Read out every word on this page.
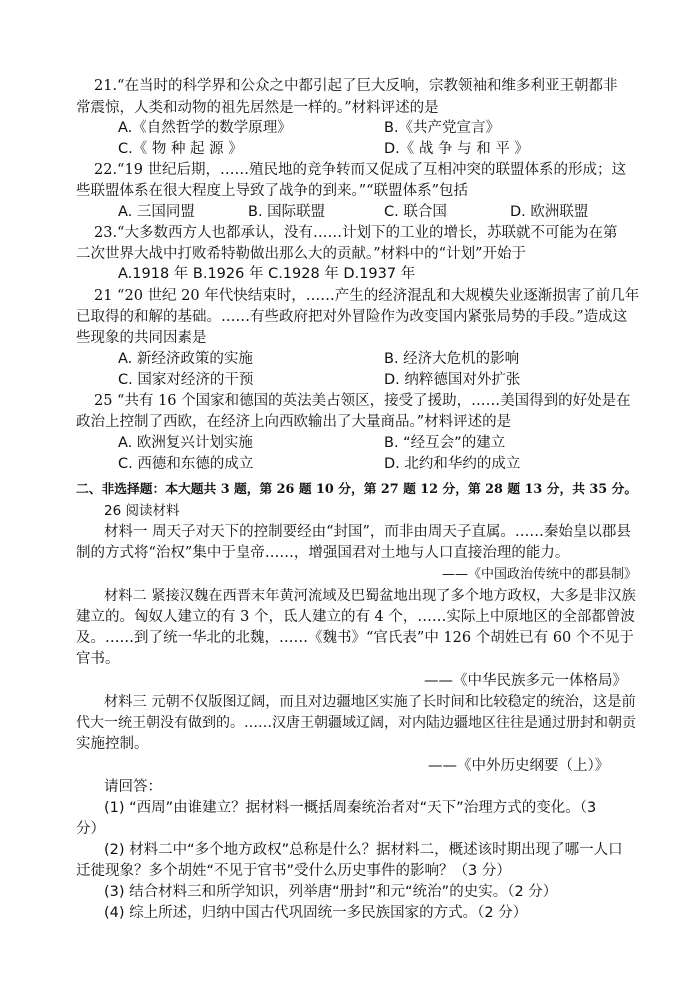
21.“在当时的科学界和公众之中都引起了巨大反响，宗教领袖和维多利亚王朝都非
常震惊，人类和动物的祖先居然是一样的。”材料评述的是
A.《自然哲学的数学原理》	B.《共产党宣言》
C.《 物 种 起 源 》	D.《 战 争 与 和 平 》
22.“19 世纪后期，……殖民地的竞争转而又促成了互相冲突的联盟体系的形成；这
些联盟体系在很大程度上导致了战争的到来。”“联盟体系”包括
A. 三国同盟	B. 国际联盟	C. 联合国	D. 欧洲联盟
23.“大多数西方人也都承认，没有……计划下的工业的增长，苏联就不可能为在第
二次世界大战中打败希特勒做出那么大的贡献。”材料中的“计划”开始于
A.1918 年 B.1926 年 C.1928 年 D.1937 年
21 “20 世纪 20 年代快结束时，……产生的经济混乱和大规模失业逐渐损害了前几年
已取得的和解的基础。……有些政府把对外冒险作为改变国内紧张局势的手段。”造成这
些现象的共同因素是
A. 新经济政策的实施	B. 经济大危机的影响
C. 国家对经济的干预	D. 纳粹德国对外扩张
25 “共有 16 个国家和德国的英法美占领区，接受了援助，……美国得到的好处是在
政治上控制了西欧，在经济上向西欧输出了大量商品。”材料评述的是
A. 欧洲复兴计划实施	B. “经互会”的建立
C. 西德和东德的成立	D. 北约和华约的成立
二、非选择题：本大题共 3 题，第 26 题 10 分，第 27 题 12 分，第 28 题 13 分，共 35 分。
26 阅读材料
材料一 周天子对天下的控制要经由“封国”，而非由周天子直属。……秦始皇以郡县
制的方式将“治权”集中于皇帝……，增强国君对土地与人口直接治理的能力。
——《中国政治传统中的郡县制》
材料二 紧接汉魏在西晋末年黄河流域及巴蜀盆地出现了多个地方政权，大多是非汉族
建立的。匈奴人建立的有 3 个，氐人建立的有 4 个，……实际上中原地区的全部都曾波
及。……到了统一华北的北魏，……《魏书》“官氏表”中 126 个胡姓已有 60 个不见于
官书。
——《中华民族多元一体格局》
材料三 元朝不仅版图辽阔，而且对边疆地区实施了长时间和比较稳定的统治，这是前
代大一统王朝没有做到的。……汉唐王朝疆域辽阔，对内陆边疆地区往往是通过册封和朝贡
实施控制。
——《中外历史纲要（上）》
请回答：
(1) “西周”由谁建立？据材料一概括周秦统治者对“天下”治理方式的变化。（3
分）
(2) 材料二中“多个地方政权”总称是什么？据材料二，概述该时期出现了哪一人口
迁徙现象？多个胡姓“不见于官书”受什么历史事件的影响？（3 分）
(3) 结合材料三和所学知识，列举唐“册封”和元“统治”的史实。（2 分）
(4) 综上所述，归纳中国古代巩固统一多民族国家的方式。（2 分）
